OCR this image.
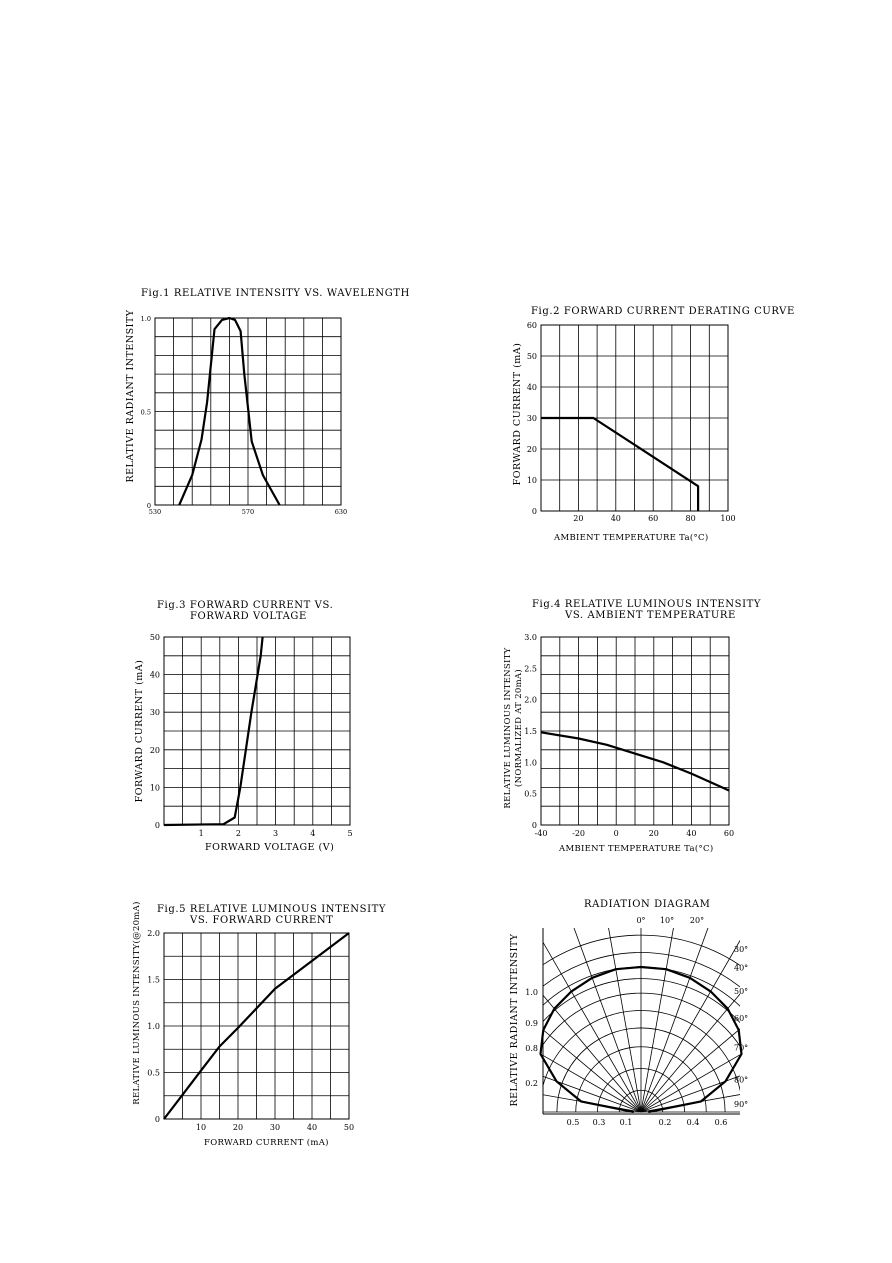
Fig.1 RELATIVE INTENSITY VS. WAVELENGTH
RELATIVE RADIANT INTENSITY
530	570	630
0
0.5
1.0
Fig.2 FORWARD CURRENT DERATING CURVE
FORWARD CURRENT (mA)
AMBIENT TEMPERATURE Ta(°C)
20	40	60	80	100
0
10
20
30
40
50
60
Fig.3 FORWARD CURRENT VS.
FORWARD VOLTAGE
FORWARD CURRENT (mA)
FORWARD VOLTAGE (V)
1	2	3	4	5
0
10
20
30
40
50
Fig.4 RELATIVE LUMINOUS INTENSITY
VS. AMBIENT TEMPERATURE
RELATIVE LUMINOUS INTENSITY (NORMALIZED AT 20mA)
AMBIENT TEMPERATURE Ta(°C)
-40	-20	0	20	40	60
0
0.5
1.0
1.5
2.0
2.5
3.0
Fig.5 RELATIVE LUMINOUS INTENSITY
VS. FORWARD CURRENT
RELATIVE LUMINOUS INTENSITY(@20mA)
FORWARD CURRENT (mA)
10	20	30	40	50
0
0.5
1.0
1.5
2.0
RADIATION DIAGRAM
RELATIVE RADIANT INTENSITY
0° 10° 20°
30°
40°
50°
60°
70°
80°
90°
1.0
0.9
0.8
0.2
0.5 0.3 0.1	0.2 0.4 0.6
